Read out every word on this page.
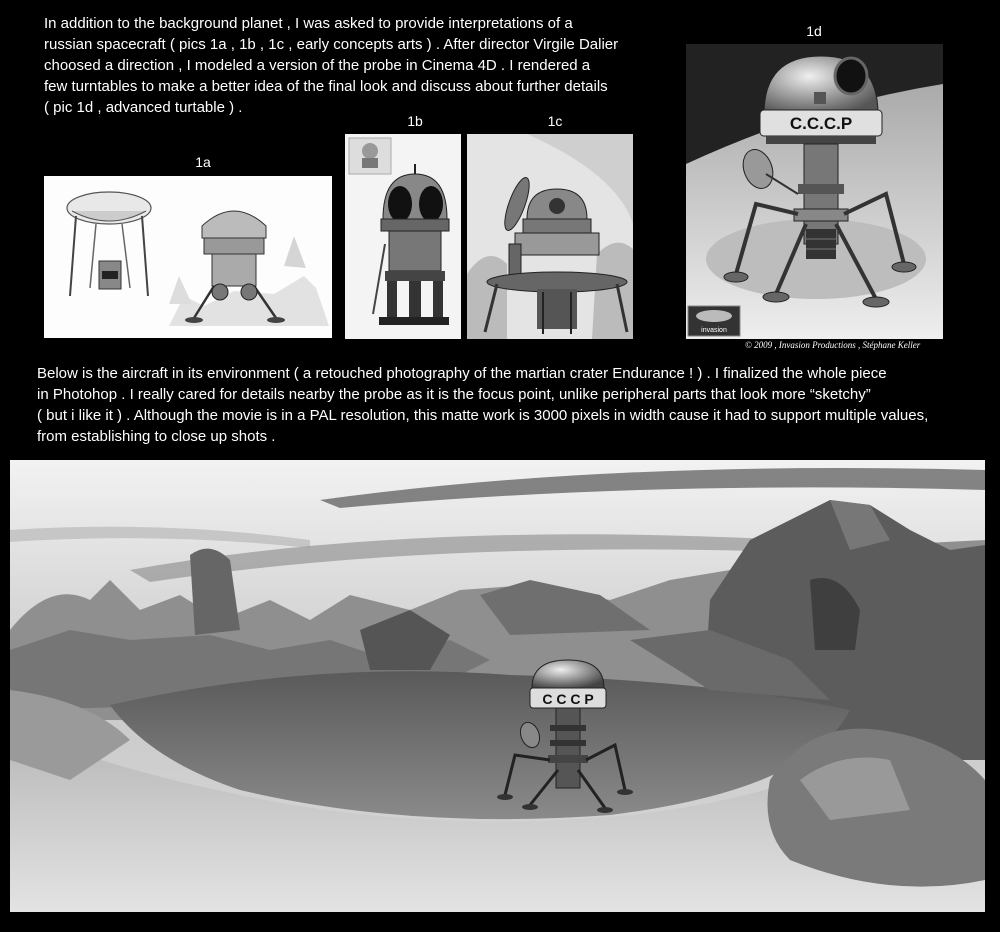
In addition to the background planet , I was asked to provide interpretations of a
russian spacecraft ( pics 1a , 1b , 1c , early concepts arts ) . After director Virgile Dalier
choosed a direction , I modeled a version of the probe in Cinema 4D . I rendered a
few turntables to make a better idea of the final look and discuss about further details
( pic 1d , advanced turtable ) .

1a
1b	1c
1d
C.C.C.P
invasion
© 2009 , Invasion Productions , Stéphane Keller

Below is the aircraft in its environment ( a retouched photography of the martian crater Endurance ! ) . I finalized the whole piece
in Photohop . I really cared for details nearby the probe as it is the focus point, unlike peripheral parts that look more “sketchy”
( but i like it ) . Although the movie is in a PAL resolution, this matte work is 3000 pixels in width cause it had to support multiple values,
from establishing to close up shots .

C C C P
